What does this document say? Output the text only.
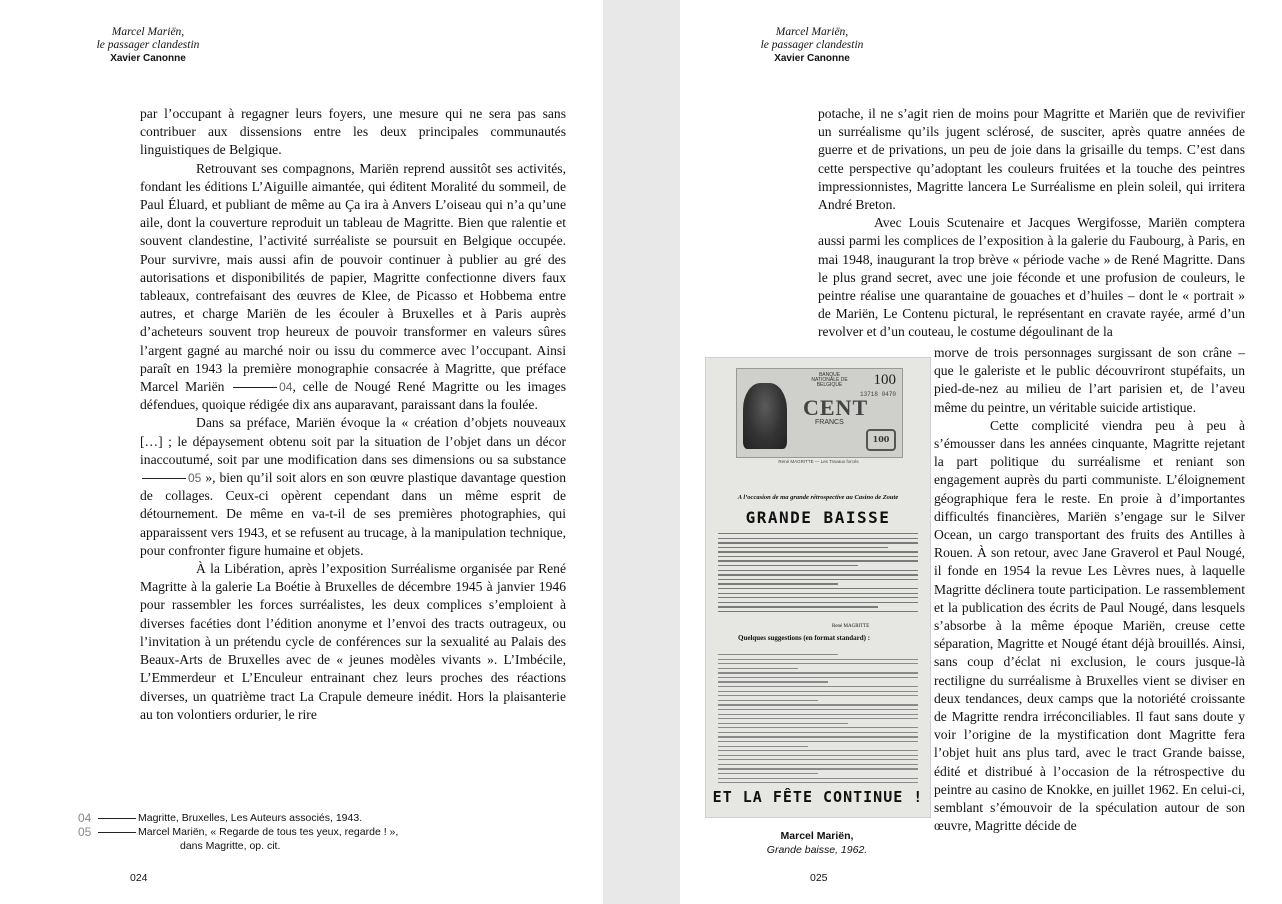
Marcel Mariën,
le passager clandestin
Xavier Canonne

par l’occupant à regagner leurs foyers, une mesure qui ne sera pas sans contribuer aux dissensions entre les deux principales communautés linguistiques de Belgique.

Retrouvant ses compagnons, Mariën reprend aussitôt ses activités, fondant les éditions L’Aiguille aimantée, qui éditent Moralité du sommeil, de Paul Éluard, et publiant de même au Ça ira à Anvers L’oiseau qui n’a qu’une aile, dont la couverture reproduit un tableau de Magritte. Bien que ralentie et souvent clandestine, l’activité surréaliste se poursuit en Belgique occupée. Pour survivre, mais aussi afin de pouvoir continuer à publier au gré des autorisations et disponibilités de papier, Magritte confectionne divers faux tableaux, contrefaisant des œuvres de Klee, de Picasso et Hobbema entre autres, et charge Mariën de les écouler à Bruxelles et à Paris auprès d’acheteurs souvent trop heureux de pouvoir transformer en valeurs sûres l’argent gagné au marché noir ou issu du commerce avec l’occupant. Ainsi paraît en 1943 la première monographie consacrée à Magritte, que préface Marcel Mariën	04, celle de Nougé René Magritte ou les images défendues, quoique rédigée dix ans auparavant, paraissant dans la foulée.

Dans sa préface, Mariën évoque la « création d’objets nouveaux […] ; le dépaysement obtenu soit par la situation de l’objet dans un décor inaccoutumé, soit par une modification dans ses dimensions ou sa substance 05 », bien qu’il soit alors en son œuvre plastique davantage question de collages. Ceux-ci opèrent cependant dans un même esprit de détournement. De même en va-t-il de ses premières photographies, qui apparaissent vers 1943, et se refusent au trucage, à la manipulation technique, pour confronter figure humaine et objets.

À la Libération, après l’exposition Surréalisme organisée par René Magritte à la galerie La Boétie à Bruxelles de décembre 1945 à janvier 1946 pour rassembler les forces surréalistes, les deux complices s’emploient à diverses facéties dont l’édition anonyme et l’envoi des tracts outrageux, ou l’invitation à un prétendu cycle de conférences sur la sexualité au Palais des Beaux-Arts de Bruxelles avec de « jeunes modèles vivants ». L’Imbécile, L’Emmerdeur et L’Enculeur entrainant chez leurs proches des réactions diverses, un quatrième tract La Crapule demeure inédit. Hors la plaisanterie au ton volontiers ordurier, le rire

04	Magritte, Bruxelles, Les Auteurs associés, 1943.
05	Marcel Mariën, « Regarde de tous tes yeux, regarde ! »,
dans Magritte, op. cit.
024
Marcel Mariën,
le passager clandestin
Xavier Canonne

potache, il ne s’agit rien de moins pour Magritte et Mariën que de revivifier un surréalisme qu’ils jugent sclérosé, de susciter, après quatre années de guerre et de privations, un peu de joie dans la grisaille du temps. C’est dans cette perspective qu’adoptant les couleurs fruitées et la touche des peintres impressionnistes, Magritte lancera Le Surréalisme en plein soleil, qui irritera André Breton.

Avec Louis Scutenaire et Jacques Wergifosse, Mariën comptera aussi parmi les complices de l’exposition à la galerie du Faubourg, à Paris, en mai 1948, inaugurant la trop brève « période vache » de René Magritte. Dans le plus grand secret, avec une joie féconde et une profusion de couleurs, le peintre réalise une quarantaine de gouaches et d’huiles – dont le « portrait » de Mariën, Le Contenu pictural, le représentant en cravate rayée, armé d’un revolver et d’un couteau, le costume dégoulinant de la

morve de trois personnages surgissant de son crâne – que le galeriste et le public découvriront stupéfaits, un pied-de-nez au milieu de l’art parisien et, de l’aveu même du peintre, un véritable suicide artistique.

Cette complicité viendra peu à peu à s’émousser dans les années cinquante, Magritte rejetant la part politique du surréalisme et reniant son engagement auprès du parti communiste. L’éloignement géographique fera le reste. En proie à d’importantes difficultés financières, Mariën s’engage sur le Silver Ocean, un cargo transportant des fruits des Antilles à Rouen. À son retour, avec Jane Graverol et Paul Nougé, il fonde en 1954 la revue Les Lèvres nues, à laquelle Magritte déclinera toute participation. Le rassemblement et la publication des écrits de Paul Nougé, dans lesquels s’absorbe à la même époque Mariën, creuse cette séparation, Magritte et Nougé étant déjà brouillés. Ainsi, sans coup d’éclat ni exclusion, le cours jusque-là rectiligne du surréalisme à Bruxelles vient se diviser en deux tendances, deux camps que la notoriété croissante de Magritte rendra irréconciliables. Il faut sans doute y voir l’origine de la mystification dont Magritte fera l’objet huit ans plus tard, avec le tract Grande baisse, édité et distribué à l’occasion de la rétrospective du peintre au casino de Knokke, en juillet 1962. En celui-ci, semblant s’émouvoir de la spéculation autour de son œuvre, Magritte décide de

BANQUE NATIONALE DE BELGIQUE	100
13718 0470
CENT
FRANCS
100
René MAGRITTE — Les Travaux forcés
A l’occasion de ma grande rétrospective au Casino de Zoute
GRANDE BAISSE
René MAGRITTE
Quelques suggestions (en format standard) :
ET LA FÊTE CONTINUE !
Marcel Mariën,
Grande baisse, 1962.
025
